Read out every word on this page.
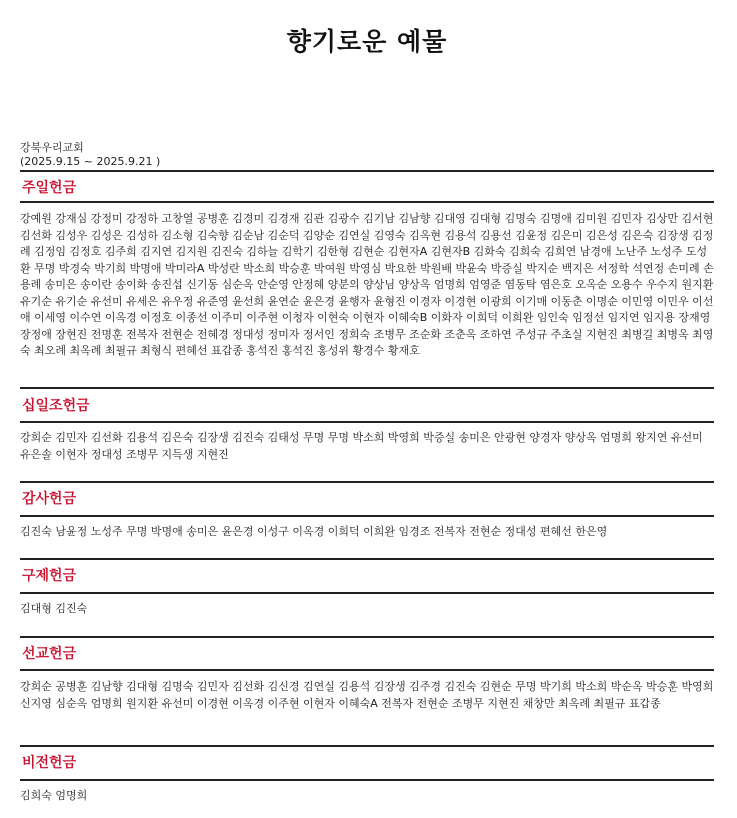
향기로운 예물
강북우리교회
(2025.9.15 ~ 2025.9.21 )
주일헌금
강예원 강재심 강정미 강정하 고창열 공병훈 김경미 김경재 김관 김광수 김기남 김남향 김대영 김대형 김명숙 김명애 김미원 김민자 김상만 김서현 김선화 김성우 김성은 김성하 김소형 김숙향 김순남 김순덕 김양순 김연실 김영숙 김옥현 김용석 김용선 김윤정 김은미 김은성 김은숙 김장생 김정례 김정임 김정호 김주희 김지연 김지원 김진숙 김하늘 김학기 김한형 김현순 김현자A 김현자B 김화숙 김희숙 김희연 남경애 노난주 노성주 도성환 무명 박경숙 박기희 박명애 박미라A 박성란 박소희 박승훈 박여원 박영심 박요한 박원배 박윤숙 박증실 박지순 백지은 서정학 석연정 손미례 손용례 송미은 송이란 송이화 송진섭 신기동 심순옥 안순영 안정혜 양분의 양상님 양상옥 엄명희 엄영준 염동탁 염은호 오옥순 오용수 우수지 원지환 유기순 유기순 유선미 유세은 유우정 유준영 윤선희 윤연순 윤은경 윤행자 윤형진 이경자 이경현 이광희 이기매 이동춘 이명순 이민영 이민우 이선애 이세영 이수연 이옥경 이정호 이종선 이주미 이주현 이청자 이현숙 이현자 이혜숙B 이화자 이희덕 이희완 임인숙 임정선 임지연 임지용 장재영 장정애 장현진 전명훈 전복자 전현순 전혜경 정대성 정미자 정서인 정희숙 조병무 조순화 조춘옥 조하연 주성규 주초실 지현진 최병길 최병옥 최영숙 최오례 최옥례 최필규 최형식 편혜선 표갑종 홍석진 홍석진 홍성위 황경수 황재호
십일조헌금
강희순 김민자 김선화 김용석 김은숙 김장생 김진숙 김태성 무명 무명 박소희 박영희 박증실 송미은 안광현 양경자 양상옥 엄명희 왕지연 유선미 유은솔 이현자 정대성 조병무 지득생 지현진
감사헌금
김진숙 남윤정 노성주 무명 박명애 송미은 윤은경 이성구 이옥경 이희덕 이희완 임경조 전복자 전현순 정대성 편혜선 한은영
구제헌금
김대형 김진숙
선교헌금
강희순 공병훈 김남향 김대형 김명숙 김민자 김선화 김신경 김연실 김용석 김장생 김주경 김진숙 김현순 무명 박기희 박소희 박순옥 박승훈 박영희 신지영 심순옥 엄명희 원지환 유선미 이경현 이옥경 이주현 이현자 이혜숙A 전복자 전현순 조병무 지현진 채창만 최옥례 최필규 표갑종
비전헌금
김희숙 엄명희
